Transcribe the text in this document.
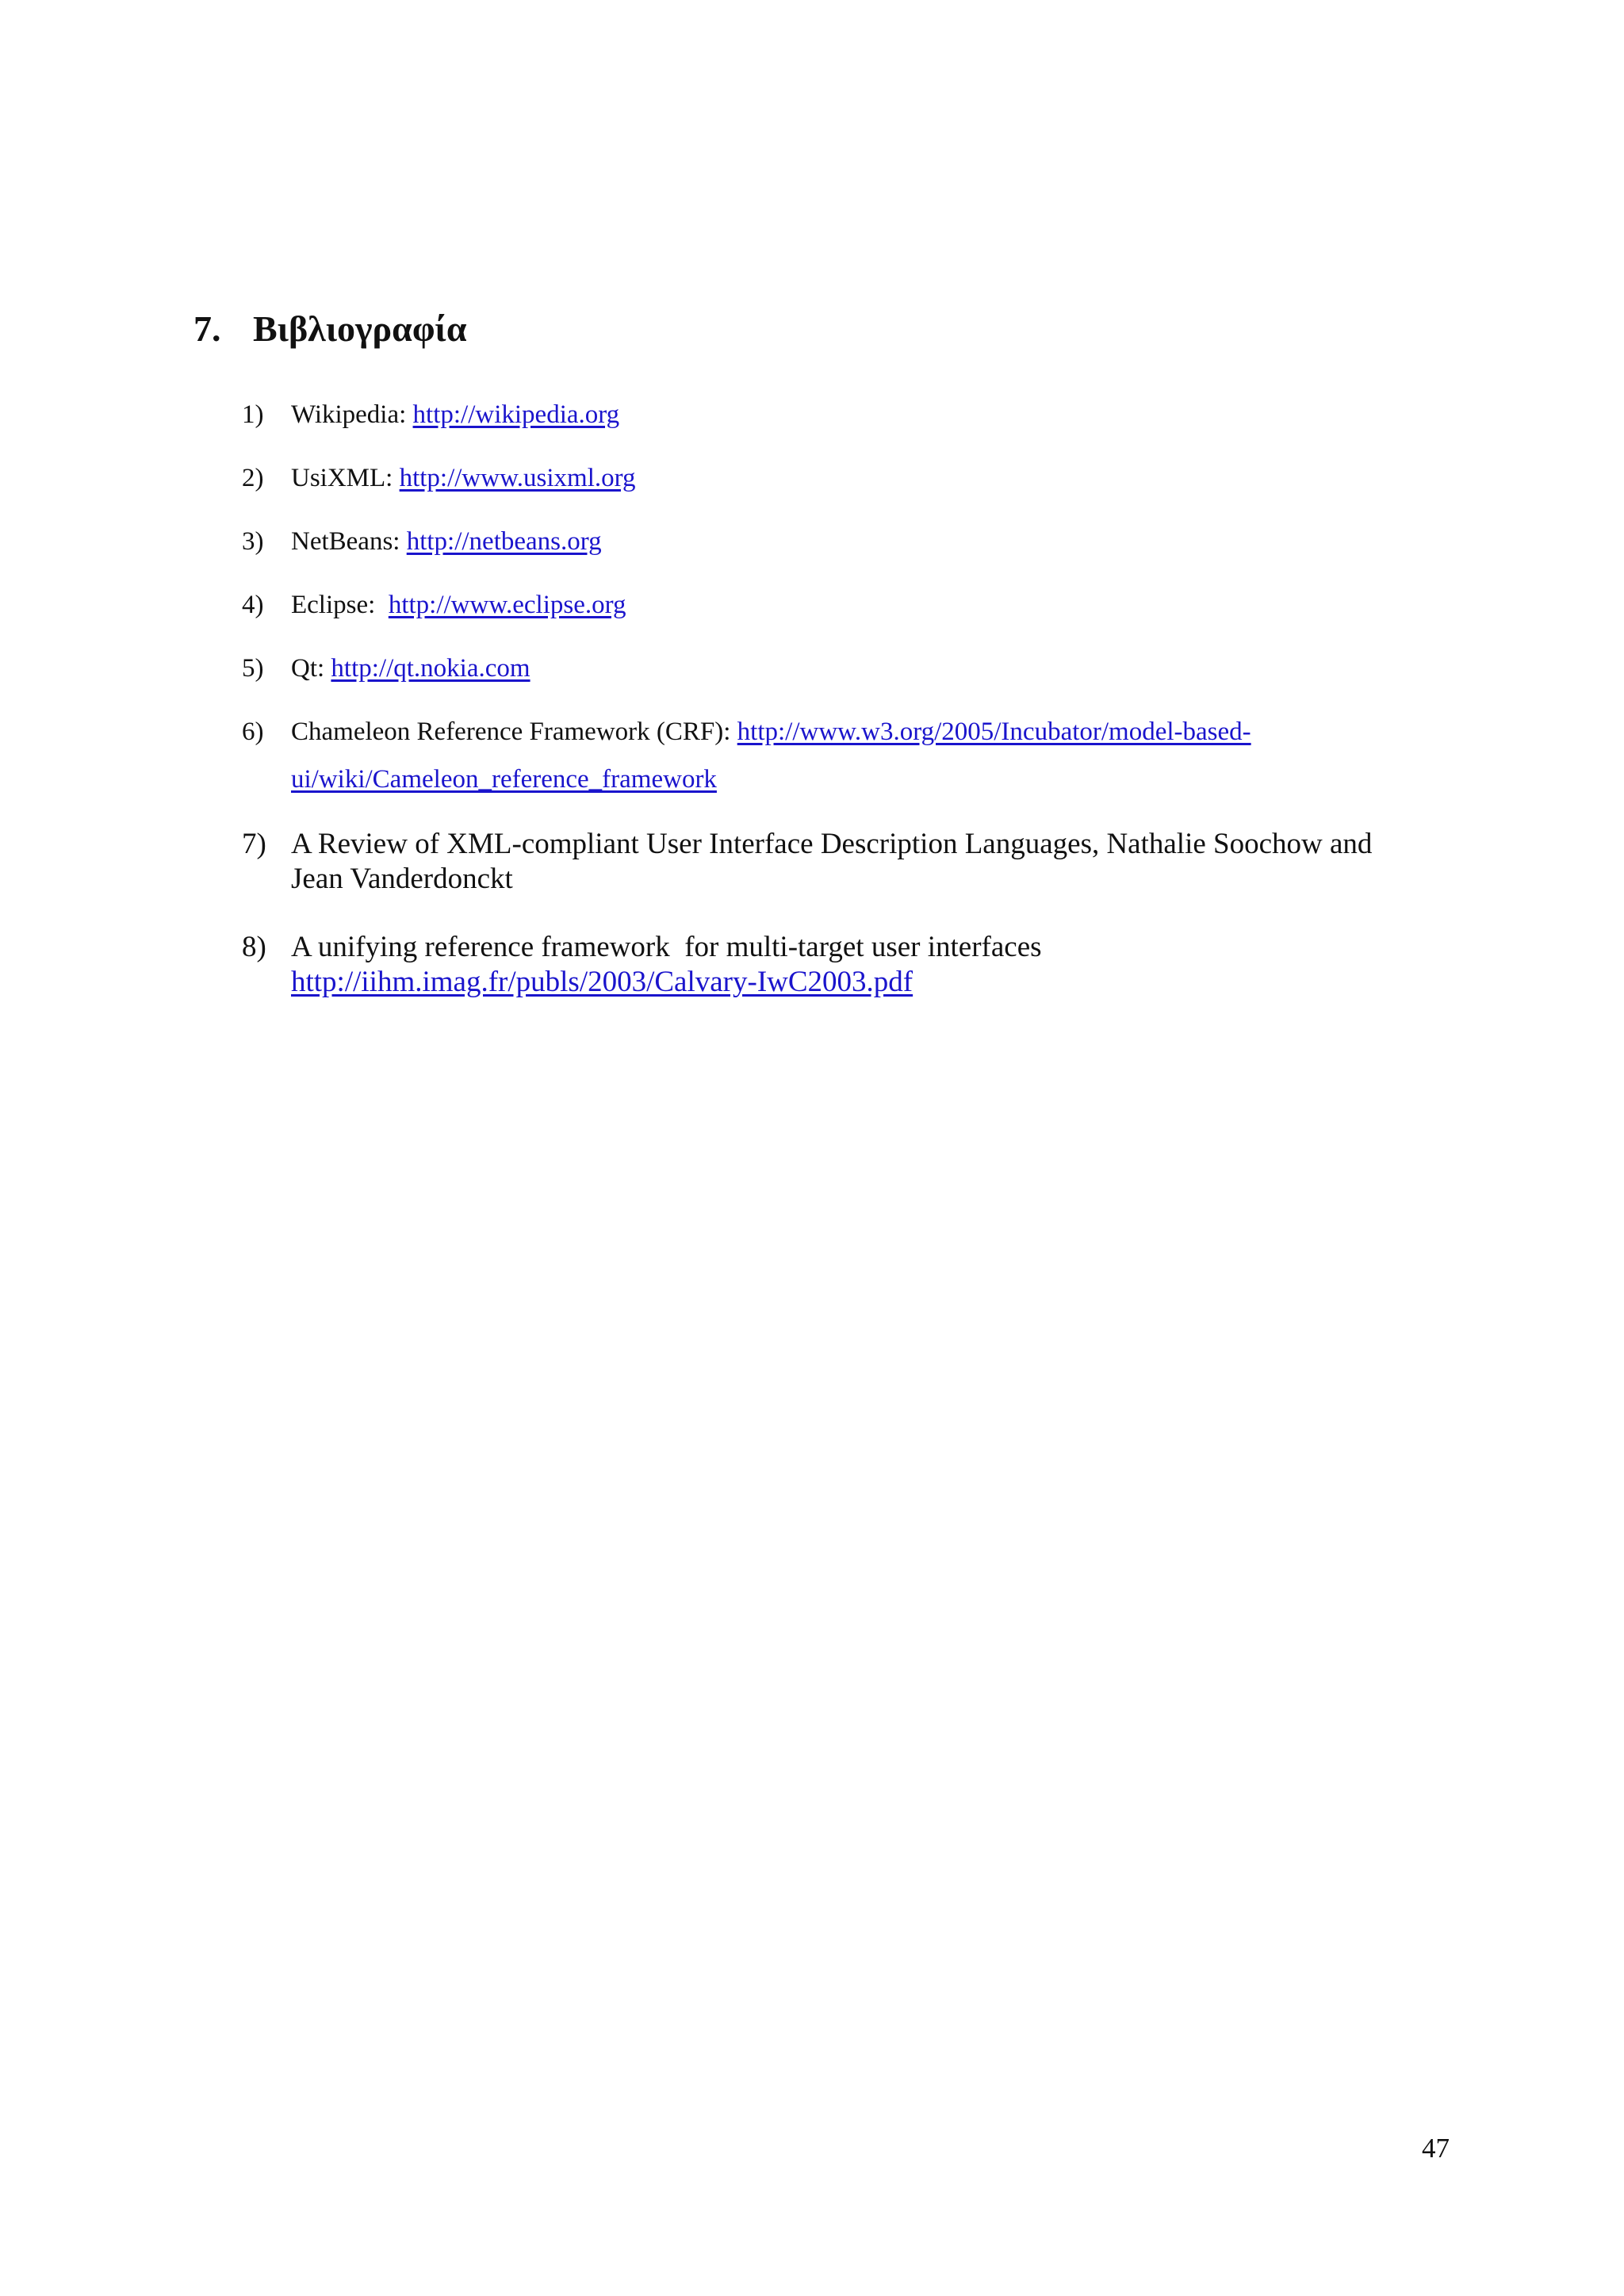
7. Βιβλιογραφία
1) Wikipedia: http://wikipedia.org
2) UsiXML: http://www.usixml.org
3) NetBeans: http://netbeans.org
4) Eclipse:  http://www.eclipse.org
5) Qt: http://qt.nokia.com
6) Chameleon Reference Framework (CRF): http://www.w3.org/2005/Incubator/model-based-
ui/wiki/Cameleon_reference_framework
7) A Review of XML-compliant User Interface Description Languages, Nathalie Soochow and
Jean Vanderdonckt
8) A unifying reference framework  for multi-target user interfaces
http://iihm.imag.fr/publs/2003/Calvary-IwC2003.pdf
47
